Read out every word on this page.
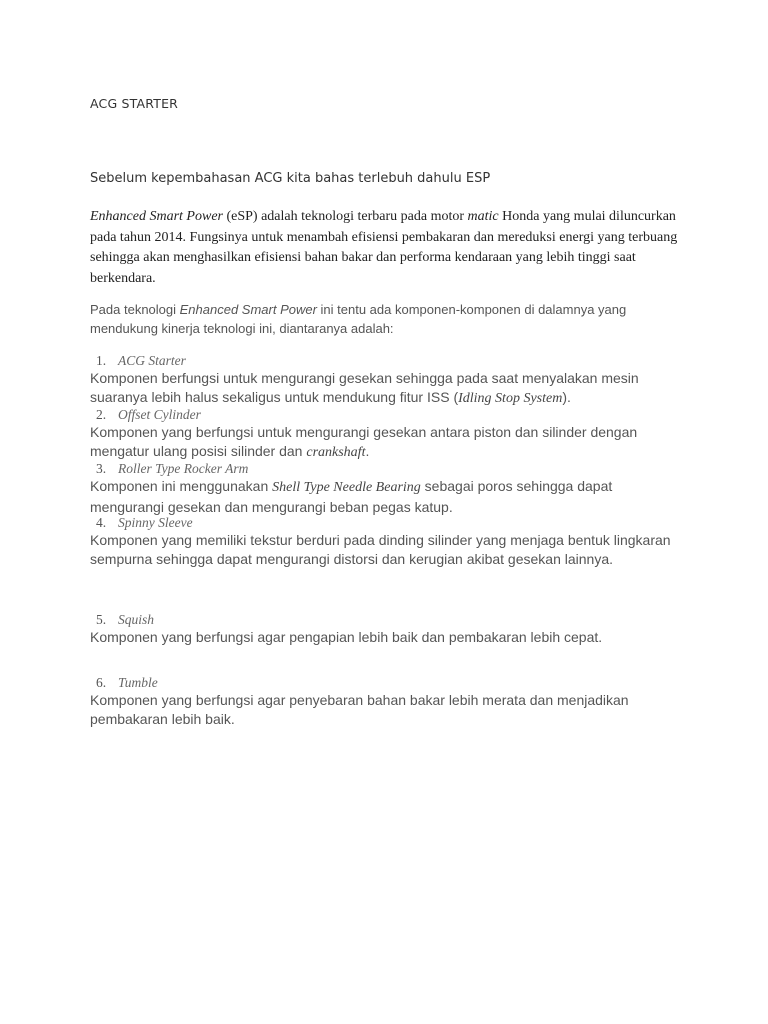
ACG STARTER
Sebelum kepembahasan ACG kita bahas terlebuh dahulu ESP
Enhanced Smart Power (eSP) adalah teknologi terbaru pada motor matic Honda yang mulai diluncurkan pada tahun 2014. Fungsinya untuk menambah efisiensi pembakaran dan mereduksi energi yang terbuang sehingga akan menghasilkan efisiensi bahan bakar dan performa kendaraan yang lebih tinggi saat berkendara.
Pada teknologi Enhanced Smart Power ini tentu ada komponen-komponen di dalamnya yang mendukung kinerja teknologi ini, diantaranya adalah:
1. ACG Starter
Komponen berfungsi untuk mengurangi gesekan sehingga pada saat menyalakan mesin suaranya lebih halus sekaligus untuk mendukung fitur ISS (Idling Stop System).
2. Offset Cylinder
Komponen yang berfungsi untuk mengurangi gesekan antara piston dan silinder dengan mengatur ulang posisi silinder dan crankshaft.
3. Roller Type Rocker Arm
Komponen ini menggunakan Shell Type Needle Bearing sebagai poros sehingga dapat mengurangi gesekan dan mengurangi beban pegas katup.
4. Spinny Sleeve
Komponen yang memiliki tekstur berduri pada dinding silinder yang menjaga bentuk lingkaran sempurna sehingga dapat mengurangi distorsi dan kerugian akibat gesekan lainnya.
5. Squish
Komponen yang berfungsi agar pengapian lebih baik dan pembakaran lebih cepat.
6. Tumble
Komponen yang berfungsi agar penyebaran bahan bakar lebih merata dan menjadikan pembakaran lebih baik.
